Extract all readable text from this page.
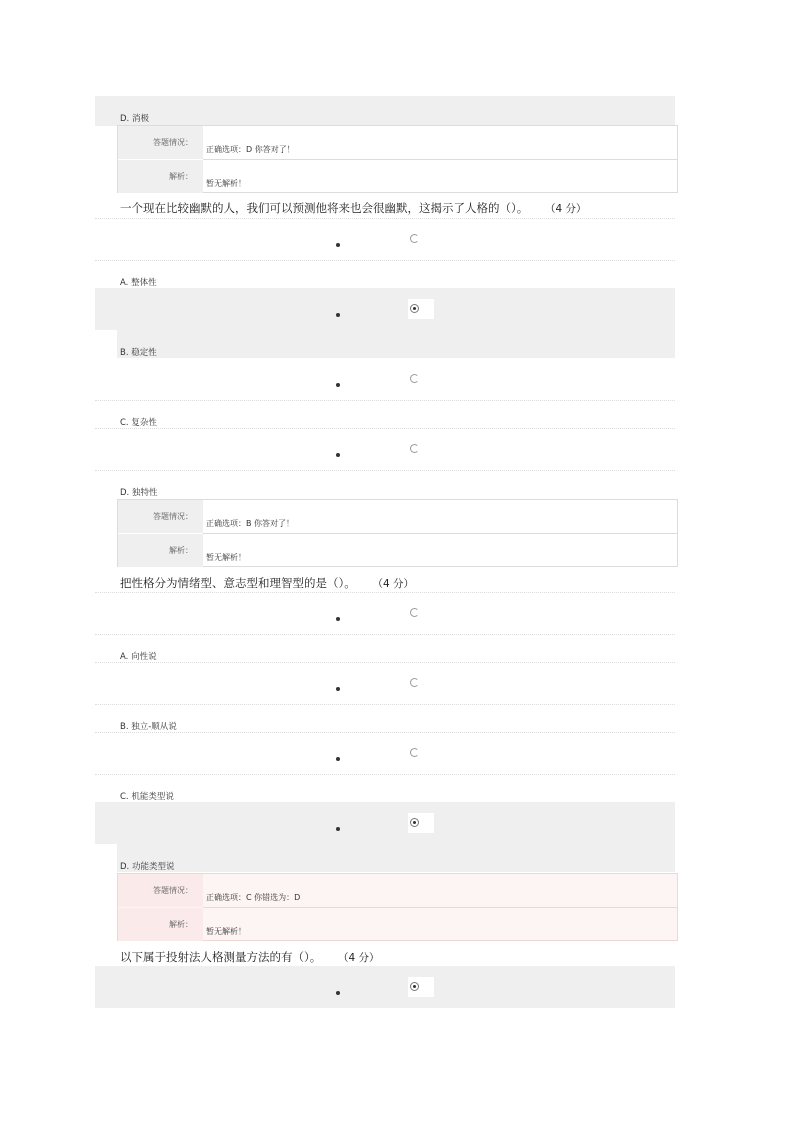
D. 消极
答题情况：
解析：
正确选项：D 你答对了！
暂无解析！
一个现在比较幽默的人，我们可以预测他将来也会很幽默，这揭示了人格的（）。 （4 分）
A. 整体性
B. 稳定性
C. 复杂性
D. 独特性
答题情况：
解析：
正确选项：B 你答对了！
暂无解析！
把性格分为情绪型、意志型和理智型的是（）。 （4 分）
A. 向性说
B. 独立-顺从说
C. 机能类型说
D. 功能类型说
答题情况：
解析：
正确选项：C 你错选为：D
暂无解析！
以下属于投射法人格测量方法的有（）。 （4 分）
